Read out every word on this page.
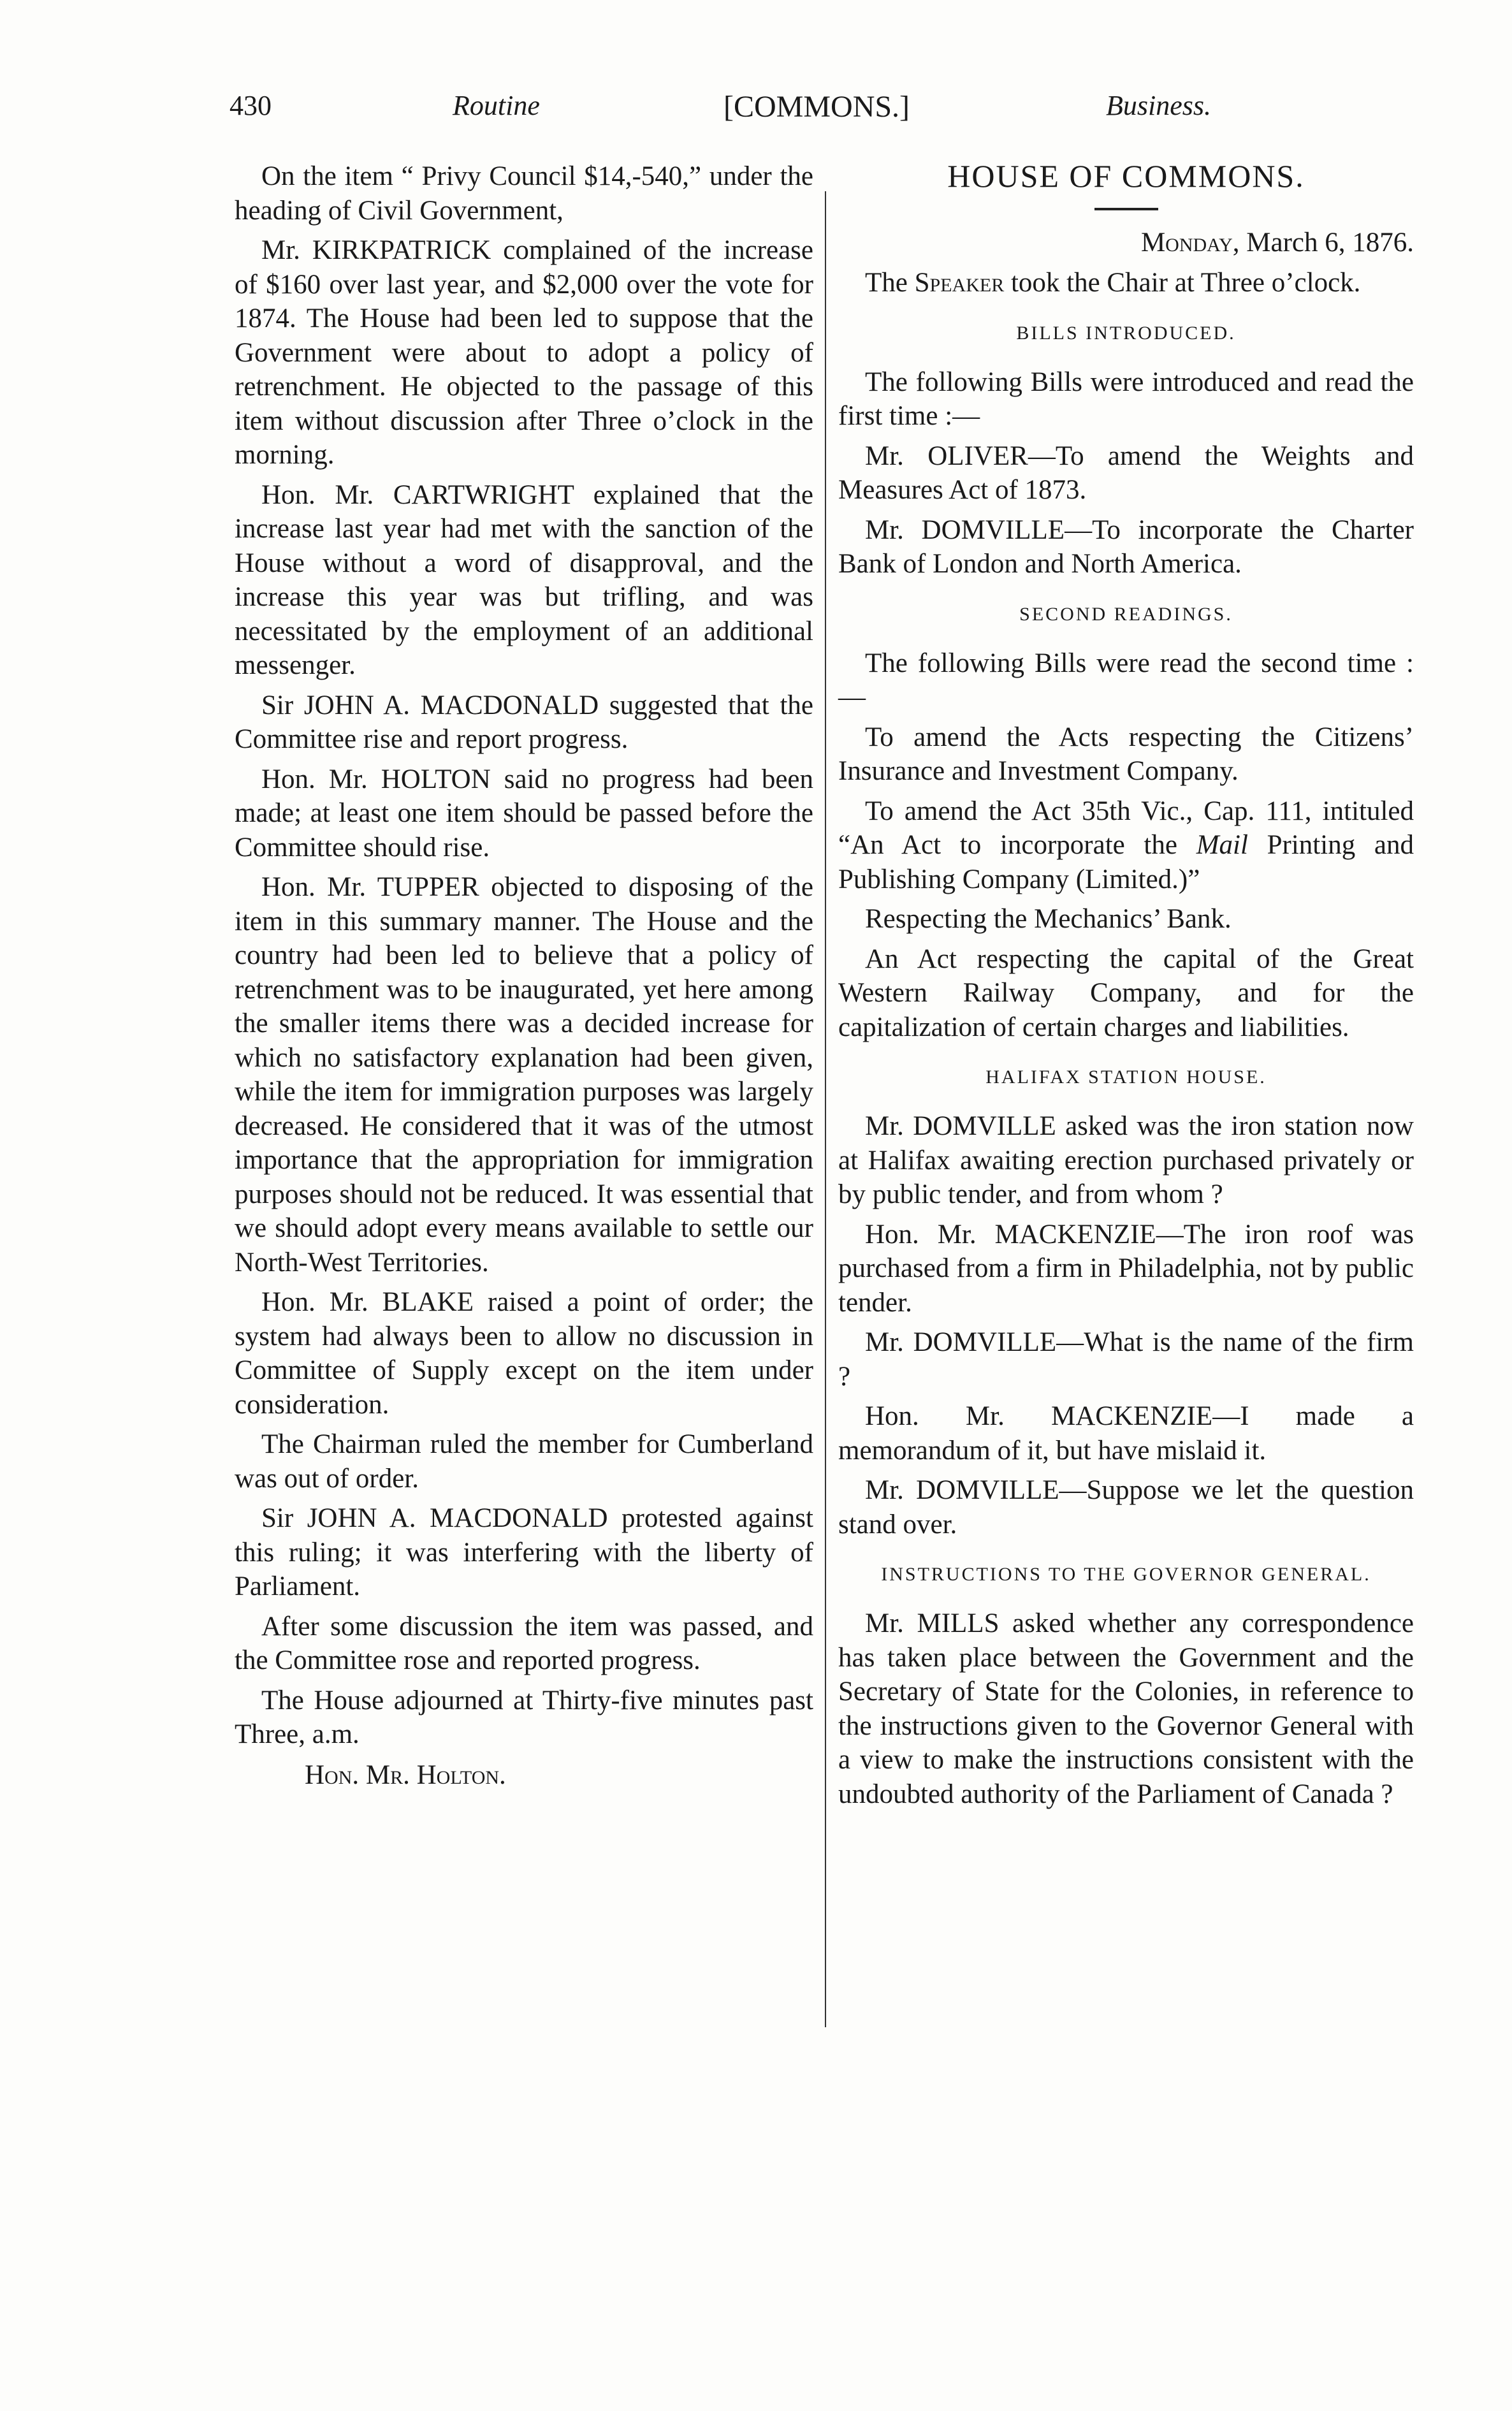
430	Routine	[COMMONS.]	Business.

On the item “ Privy Council $14,-540,” under the heading of Civil Government,

Mr. KIRKPATRICK complained of the increase of $160 over last year, and $2,000 over the vote for 1874. The House had been led to suppose that the Government were about to adopt a policy of retrenchment. He objected to the passage of this item without discussion after Three o’clock in the morning.

Hon. Mr. CARTWRIGHT explained that the increase last year had met with the sanction of the House without a word of disapproval, and the increase this year was but trifling, and was necessitated by the employment of an additional messenger.

Sir JOHN A. MACDONALD suggested that the Committee rise and report progress.

Hon. Mr. HOLTON said no progress had been made; at least one item should be passed before the Committee should rise.

Hon. Mr. TUPPER objected to disposing of the item in this summary manner. The House and the country had been led to believe that a policy of retrenchment was to be inaugurated, yet here among the smaller items there was a decided increase for which no satisfactory explanation had been given, while the item for immigration purposes was largely decreased. He considered that it was of the utmost importance that the appropriation for immigration purposes should not be reduced. It was essential that we should adopt every means available to settle our North-West Territories.

Hon. Mr. BLAKE raised a point of order; the system had always been to allow no discussion in Committee of Supply except on the item under consideration.

The Chairman ruled the member for Cumberland was out of order.

Sir JOHN A. MACDONALD protested against this ruling; it was interfering with the liberty of Parliament.

After some discussion the item was passed, and the Committee rose and reported progress.

The House adjourned at Thirty-five minutes past Three, a.m.

Hon. Mr. Holton.

HOUSE OF COMMONS.

Monday, March 6, 1876.

The Speaker took the Chair at Three o’clock.

BILLS INTRODUCED.

The following Bills were introduced and read the first time :—

Mr. OLIVER—To amend the Weights and Measures Act of 1873.

Mr. DOMVILLE—To incorporate the Charter Bank of London and North America.

SECOND READINGS.

The following Bills were read the second time :—

To amend the Acts respecting the Citizens’ Insurance and Investment Company.

To amend the Act 35th Vic., Cap. 111, intituled “An Act to incorporate the Mail Printing and Publishing Company (Limited.)”

Respecting the Mechanics’ Bank.

An Act respecting the capital of the Great Western Railway Company, and for the capitalization of certain charges and liabilities.

HALIFAX STATION HOUSE.

Mr. DOMVILLE asked was the iron station now at Halifax awaiting erection purchased privately or by public tender, and from whom ?

Hon. Mr. MACKENZIE—The iron roof was purchased from a firm in Philadelphia, not by public tender.

Mr. DOMVILLE—What is the name of the firm ?

Hon. Mr. MACKENZIE—I made a memorandum of it, but have mislaid it.

Mr. DOMVILLE—Suppose we let the question stand over.

INSTRUCTIONS TO THE GOVERNOR GENERAL.

Mr. MILLS asked whether any correspondence has taken place between the Government and the Secretary of State for the Colonies, in reference to the instructions given to the Governor General with a view to make the instructions consistent with the undoubted authority of the Parliament of Canada ?
